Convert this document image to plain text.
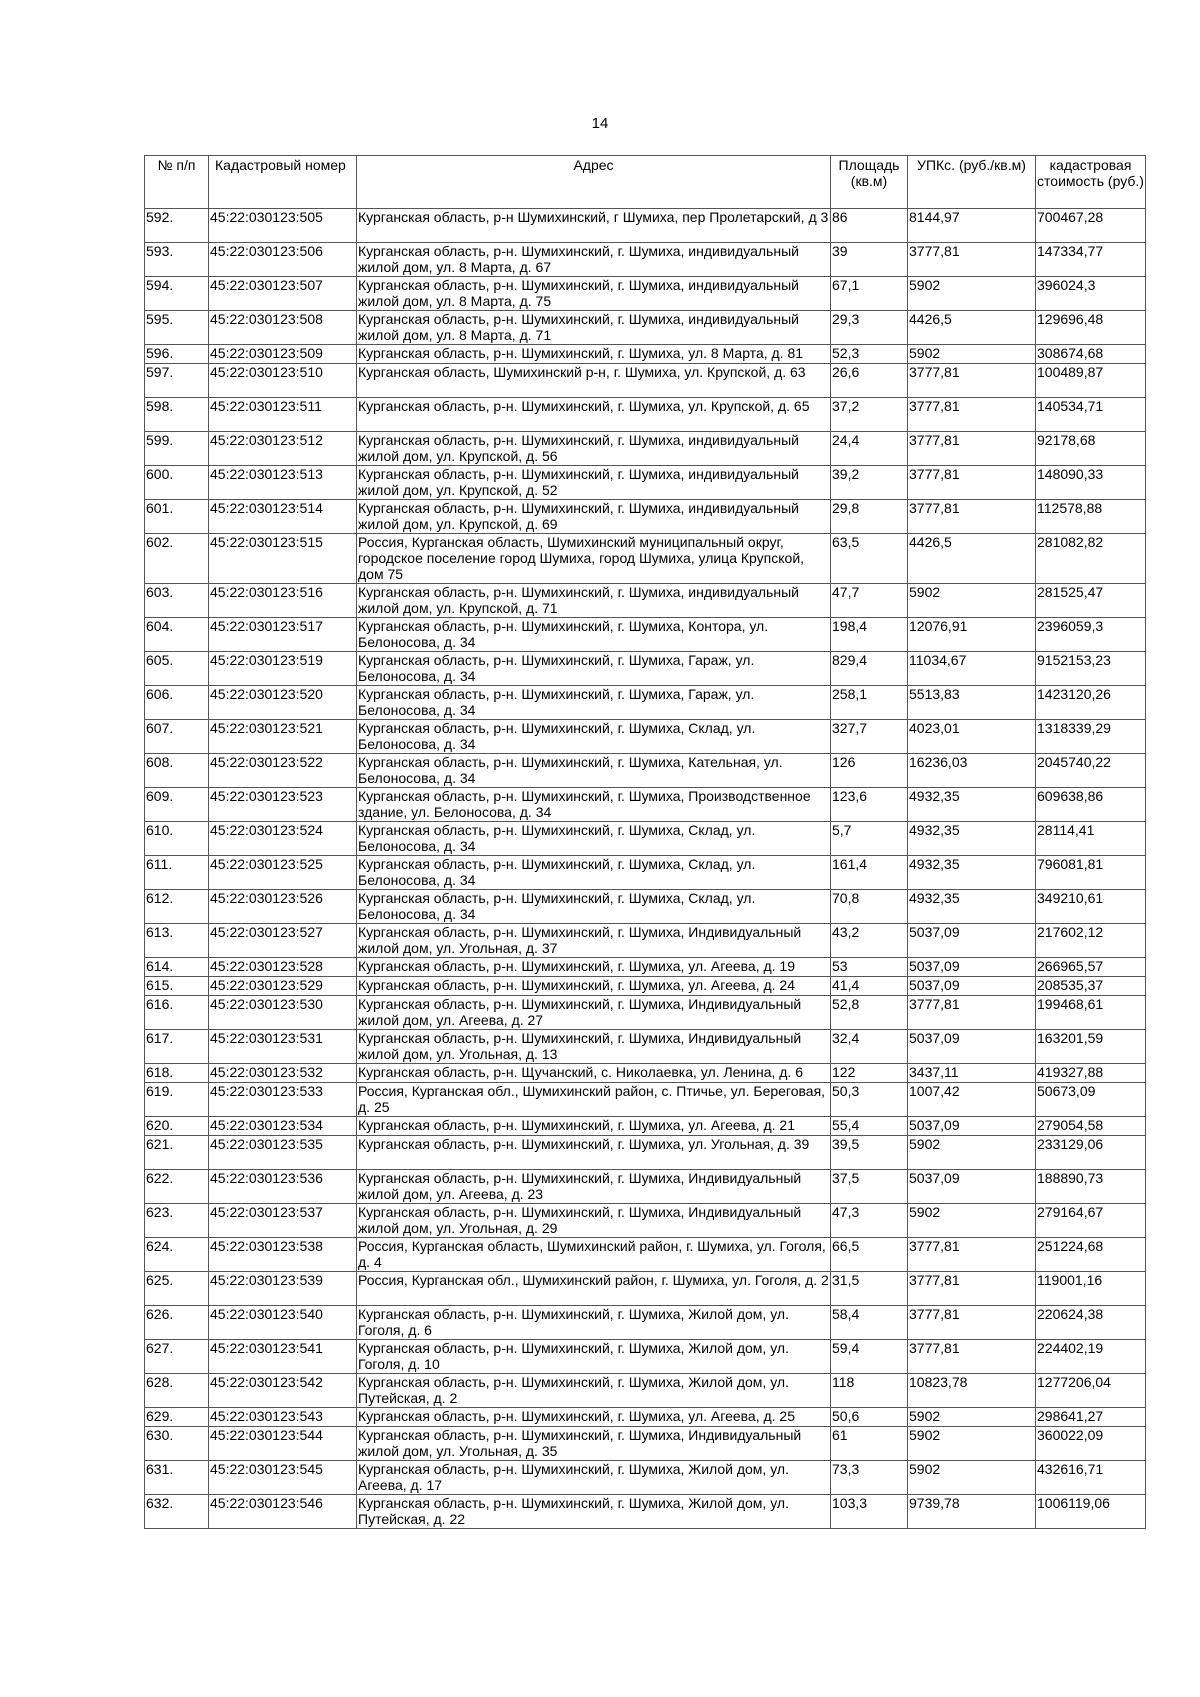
14
№ п/п	Кадастровый номер	Адрес	Площадь (кв.м)	УПКс. (руб./кв.м)	кадастровая стоимость (руб.)
592.	45:22:030123:505	Курганская область, р-н Шумихинский, г Шумиха, пер Пролетарский, д 3	86	8144,97	700467,28
593.	45:22:030123:506	Курганская область, р-н. Шумихинский, г. Шумиха, индивидуальный жилой дом, ул. 8 Марта, д. 67	39	3777,81	147334,77
594.	45:22:030123:507	Курганская область, р-н. Шумихинский, г. Шумиха, индивидуальный жилой дом, ул. 8 Марта, д. 75	67,1	5902	396024,3
595.	45:22:030123:508	Курганская область, р-н. Шумихинский, г. Шумиха, индивидуальный жилой дом, ул. 8 Марта, д. 71	29,3	4426,5	129696,48
596.	45:22:030123:509	Курганская область, р-н. Шумихинский, г. Шумиха, ул. 8 Марта, д. 81	52,3	5902	308674,68
597.	45:22:030123:510	Курганская область, Шумихинский р-н, г. Шумиха, ул. Крупской, д. 63	26,6	3777,81	100489,87
598.	45:22:030123:511	Курганская область, р-н. Шумихинский, г. Шумиха, ул. Крупской, д. 65	37,2	3777,81	140534,71
599.	45:22:030123:512	Курганская область, р-н. Шумихинский, г. Шумиха, индивидуальный жилой дом, ул. Крупской, д. 56	24,4	3777,81	92178,68
600.	45:22:030123:513	Курганская область, р-н. Шумихинский, г. Шумиха, индивидуальный жилой дом, ул. Крупской, д. 52	39,2	3777,81	148090,33
601.	45:22:030123:514	Курганская область, р-н. Шумихинский, г. Шумиха, индивидуальный жилой дом, ул. Крупской, д. 69	29,8	3777,81	112578,88
602.	45:22:030123:515	Россия, Курганская область, Шумихинский муниципальный округ, городское поселение город Шумиха, город Шумиха, улица Крупской, дом 75	63,5	4426,5	281082,82
603.	45:22:030123:516	Курганская область, р-н. Шумихинский, г. Шумиха, индивидуальный жилой дом, ул. Крупской, д. 71	47,7	5902	281525,47
604.	45:22:030123:517	Курганская область, р-н. Шумихинский, г. Шумиха, Контора, ул. Белоносова, д. 34	198,4	12076,91	2396059,3
605.	45:22:030123:519	Курганская область, р-н. Шумихинский, г. Шумиха, Гараж, ул. Белоносова, д. 34	829,4	11034,67	9152153,23
606.	45:22:030123:520	Курганская область, р-н. Шумихинский, г. Шумиха, Гараж, ул. Белоносова, д. 34	258,1	5513,83	1423120,26
607.	45:22:030123:521	Курганская область, р-н. Шумихинский, г. Шумиха, Склад, ул. Белоносова, д. 34	327,7	4023,01	1318339,29
608.	45:22:030123:522	Курганская область, р-н. Шумихинский, г. Шумиха, Кательная, ул. Белоносова, д. 34	126	16236,03	2045740,22
609.	45:22:030123:523	Курганская область, р-н. Шумихинский, г. Шумиха, Производственное здание, ул. Белоносова, д. 34	123,6	4932,35	609638,86
610.	45:22:030123:524	Курганская область, р-н. Шумихинский, г. Шумиха, Склад, ул. Белоносова, д. 34	5,7	4932,35	28114,41
611.	45:22:030123:525	Курганская область, р-н. Шумихинский, г. Шумиха, Склад, ул. Белоносова, д. 34	161,4	4932,35	796081,81
612.	45:22:030123:526	Курганская область, р-н. Шумихинский, г. Шумиха, Склад, ул. Белоносова, д. 34	70,8	4932,35	349210,61
613.	45:22:030123:527	Курганская область, р-н. Шумихинский, г. Шумиха, Индивидуальный жилой дом, ул. Угольная, д. 37	43,2	5037,09	217602,12
614.	45:22:030123:528	Курганская область, р-н. Шумихинский, г. Шумиха, ул. Агеева, д. 19	53	5037,09	266965,57
615.	45:22:030123:529	Курганская область, р-н. Шумихинский, г. Шумиха, ул. Агеева, д. 24	41,4	5037,09	208535,37
616.	45:22:030123:530	Курганская область, р-н. Шумихинский, г. Шумиха, Индивидуальный жилой дом, ул. Агеева, д. 27	52,8	3777,81	199468,61
617.	45:22:030123:531	Курганская область, р-н. Шумихинский, г. Шумиха, Индивидуальный жилой дом, ул. Угольная, д. 13	32,4	5037,09	163201,59
618.	45:22:030123:532	Курганская область, р-н. Щучанский, с. Николаевка, ул. Ленина, д. 6	122	3437,11	419327,88
619.	45:22:030123:533	Россия, Курганская обл., Шумихинский район, с. Птичье, ул. Береговая, д. 25	50,3	1007,42	50673,09
620.	45:22:030123:534	Курганская область, р-н. Шумихинский, г. Шумиха, ул. Агеева, д. 21	55,4	5037,09	279054,58
621.	45:22:030123:535	Курганская область, р-н. Шумихинский, г. Шумиха, ул. Угольная, д. 39	39,5	5902	233129,06
622.	45:22:030123:536	Курганская область, р-н. Шумихинский, г. Шумиха, Индивидуальный жилой дом, ул. Агеева, д. 23	37,5	5037,09	188890,73
623.	45:22:030123:537	Курганская область, р-н. Шумихинский, г. Шумиха, Индивидуальный жилой дом, ул. Угольная, д. 29	47,3	5902	279164,67
624.	45:22:030123:538	Россия, Курганская область, Шумихинский район, г. Шумиха, ул. Гоголя, д. 4	66,5	3777,81	251224,68
625.	45:22:030123:539	Россия, Курганская обл., Шумихинский район, г. Шумиха, ул. Гоголя, д. 2	31,5	3777,81	119001,16
626.	45:22:030123:540	Курганская область, р-н. Шумихинский, г. Шумиха, Жилой дом, ул. Гоголя, д. 6	58,4	3777,81	220624,38
627.	45:22:030123:541	Курганская область, р-н. Шумихинский, г. Шумиха, Жилой дом, ул. Гоголя, д. 10	59,4	3777,81	224402,19
628.	45:22:030123:542	Курганская область, р-н. Шумихинский, г. Шумиха, Жилой дом, ул. Путейская, д. 2	118	10823,78	1277206,04
629.	45:22:030123:543	Курганская область, р-н. Шумихинский, г. Шумиха, ул. Агеева, д. 25	50,6	5902	298641,27
630.	45:22:030123:544	Курганская область, р-н. Шумихинский, г. Шумиха, Индивидуальный жилой дом, ул. Угольная, д. 35	61	5902	360022,09
631.	45:22:030123:545	Курганская область, р-н. Шумихинский, г. Шумиха, Жилой дом, ул. Агеева, д. 17	73,3	5902	432616,71
632.	45:22:030123:546	Курганская область, р-н. Шумихинский, г. Шумиха, Жилой дом, ул. Путейская, д. 22	103,3	9739,78	1006119,06
